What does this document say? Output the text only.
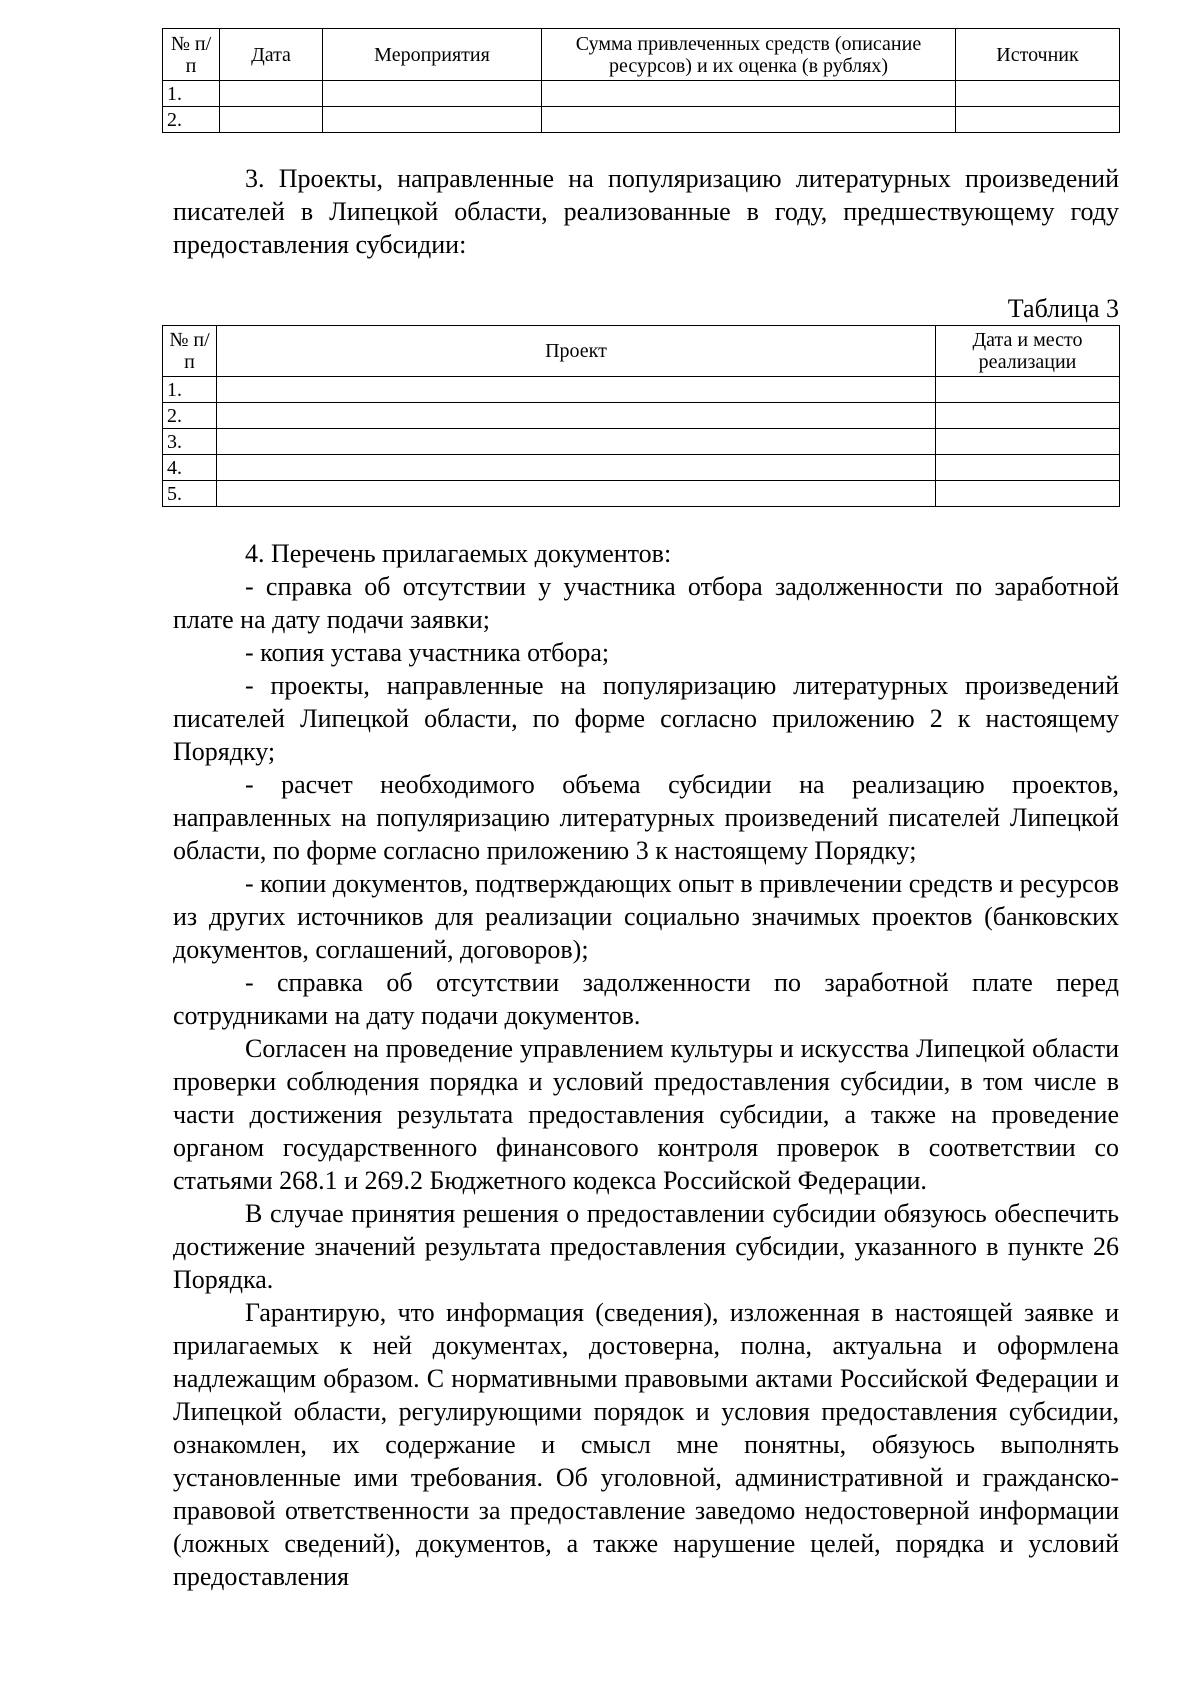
№ п/п	Дата	Мероприятия	Сумма привлеченных средств (описание ресурсов) и их оценка (в рублях)	Источник
1.				
2.				

3. Проекты, направленные на популяризацию литературных произведений писателей в Липецкой области, реализованные в году, предшествующему году предоставления субсидии:

Таблица 3
№ п/п	Проект	Дата и место реализации
1.		
2.		
3.		
4.		
5.		

4. Перечень прилагаемых документов:

- справка об отсутствии у участника отбора задолженности по заработной плате на дату подачи заявки;

- копия устава участника отбора;

- проекты, направленные на популяризацию литературных произведений писателей Липецкой области, по форме согласно приложению 2 к настоящему Порядку;

- расчет необходимого объема субсидии на реализацию проектов, направленных на популяризацию литературных произведений писателей Липецкой области, по форме согласно приложению 3 к настоящему Порядку;

- копии документов, подтверждающих опыт в привлечении средств и ресурсов из других источников для реализации социально значимых проектов (банковских документов, соглашений, договоров);

- справка об отсутствии задолженности по заработной плате перед сотрудниками на дату подачи документов.

Согласен на проведение управлением культуры и искусства Липецкой области проверки соблюдения порядка и условий предоставления субсидии, в том числе в части достижения результата предоставления субсидии, а также на проведение органом государственного финансового контроля проверок в соответствии со статьями 268.1 и 269.2 Бюджетного кодекса Российской Федерации.

В случае принятия решения о предоставлении субсидии обязуюсь обеспечить достижение значений результата предоставления субсидии, указанного в пункте 26 Порядка.

Гарантирую, что информация (сведения), изложенная в настоящей заявке и прилагаемых к ней документах, достоверна, полна, актуальна и оформлена надлежащим образом. С нормативными правовыми актами Российской Федерации и Липецкой области, регулирующими порядок и условия предоставления субсидии, ознакомлен, их содержание и смысл мне понятны, обязуюсь выполнять установленные ими требования. Об уголовной, административной и гражданско-правовой ответственности за предоставление заведомо недостоверной информации (ложных сведений), документов, а также нарушение целей, порядка и условий предоставления
